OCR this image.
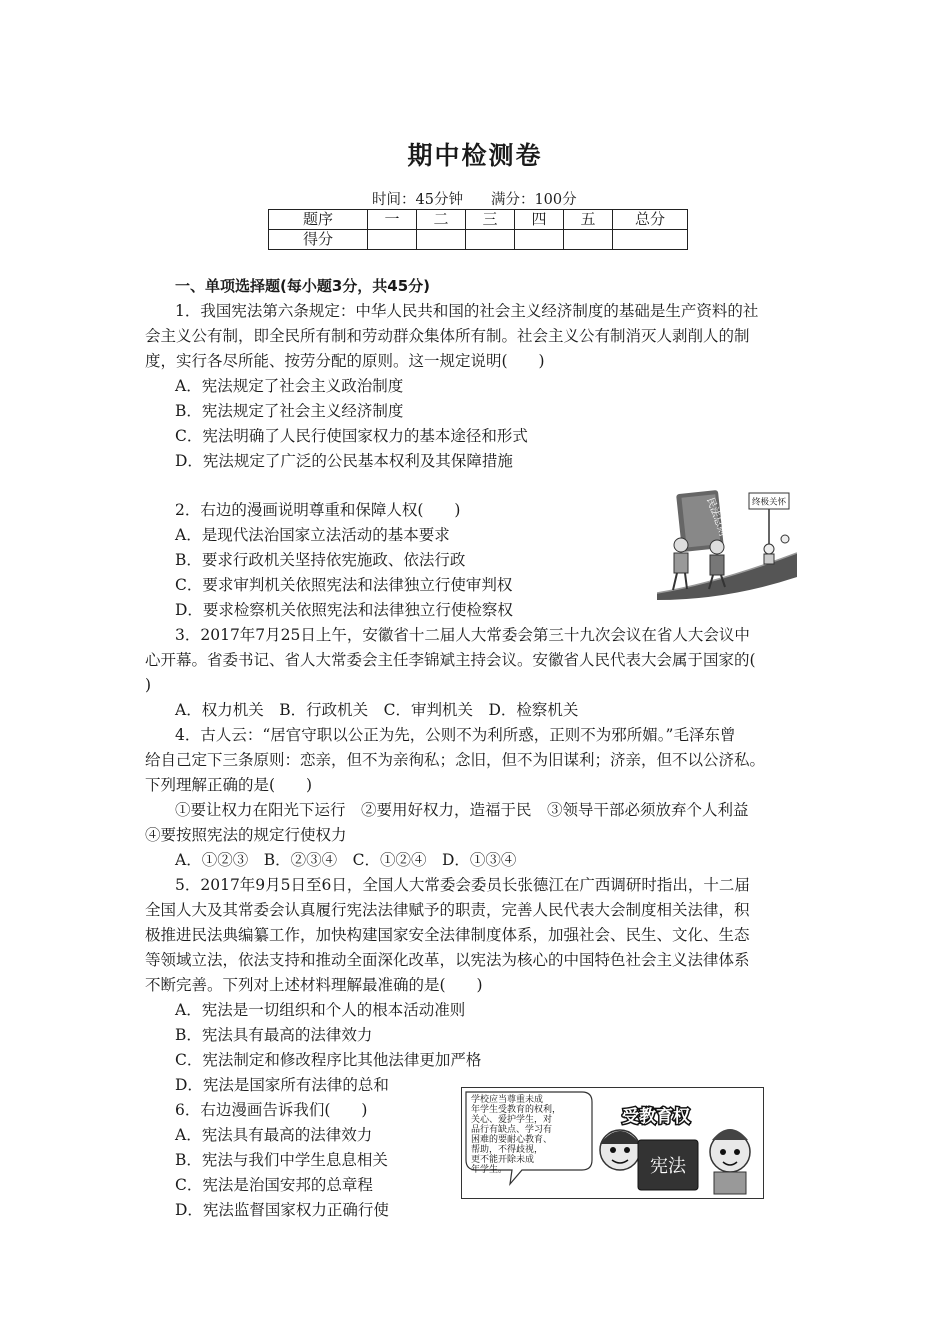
期中检测卷
时间：45分钟 满分：100分
题序	一	二	三	四	五	总分
得分						
一、单项选择题(每小题3分，共45分)
1．我国宪法第六条规定：中华人民共和国的社会主义经济制度的基础是生产资料的社
会主义公有制，即全民所有制和劳动群众集体所有制。社会主义公有制消灭人剥削人的制
度，实行各尽所能、按劳分配的原则。这一规定说明(　　)
A．宪法规定了社会主义政治制度
B．宪法规定了社会主义经济制度
C．宪法明确了人民行使国家权力的基本途径和形式
D．宪法规定了广泛的公民基本权利及其保障措施
2．右边的漫画说明尊重和保障人权(　　)
A．是现代法治国家立法活动的基本要求
B．要求行政机关坚持依宪施政、依法行政
C．要求审判机关依照宪法和法律独立行使审判权
D．要求检察机关依照宪法和法律独立行使检察权
民法总则	终极关怀
3．2017年7月25日上午，安徽省十二届人大常委会第三十九次会议在省人大会议中
心开幕。省委书记、省人大常委会主任李锦斌主持会议。安徽省人民代表大会属于国家的(
)
A．权力机关　B．行政机关　C．审判机关　D．检察机关
4．古人云：“居官守职以公正为先，公则不为利所惑，正则不为邪所媚。”毛泽东曾
给自己定下三条原则：恋亲，但不为亲徇私；念旧，但不为旧谋利；济亲，但不以公济私。
下列理解正确的是(　　)
①要让权力在阳光下运行　②要用好权力，造福于民　③领导干部必须放弃个人利益
④要按照宪法的规定行使权力
A．①②③　B．②③④　C．①②④　D．①③④
5．2017年9月5日至6日，全国人大常委会委员长张德江在广西调研时指出，十二届
全国人大及其常委会认真履行宪法法律赋予的职责，完善人民代表大会制度相关法律，积
极推进民法典编纂工作，加快构建国家安全法律制度体系，加强社会、民生、文化、生态
等领域立法，依法支持和推动全面深化改革，以宪法为核心的中国特色社会主义法律体系
不断完善。下列对上述材料理解最准确的是(　　)
A．宪法是一切组织和个人的根本活动准则
B．宪法具有最高的法律效力
C．宪法制定和修改程序比其他法律更加严格
D．宪法是国家所有法律的总和
6．右边漫画告诉我们(　　)
A．宪法具有最高的法律效力
B．宪法与我们中学生息息相关
C．宪法是治国安邦的总章程
D．宪法监督国家权力正确行使
学校应当尊重未成
年学生受教育的权利，
关心、爱护学生，对
品行有缺点、学习有
困难的要耐心教育、
帮助，不得歧视，
更不能开除未成
年学生。
受教育权
宪法
